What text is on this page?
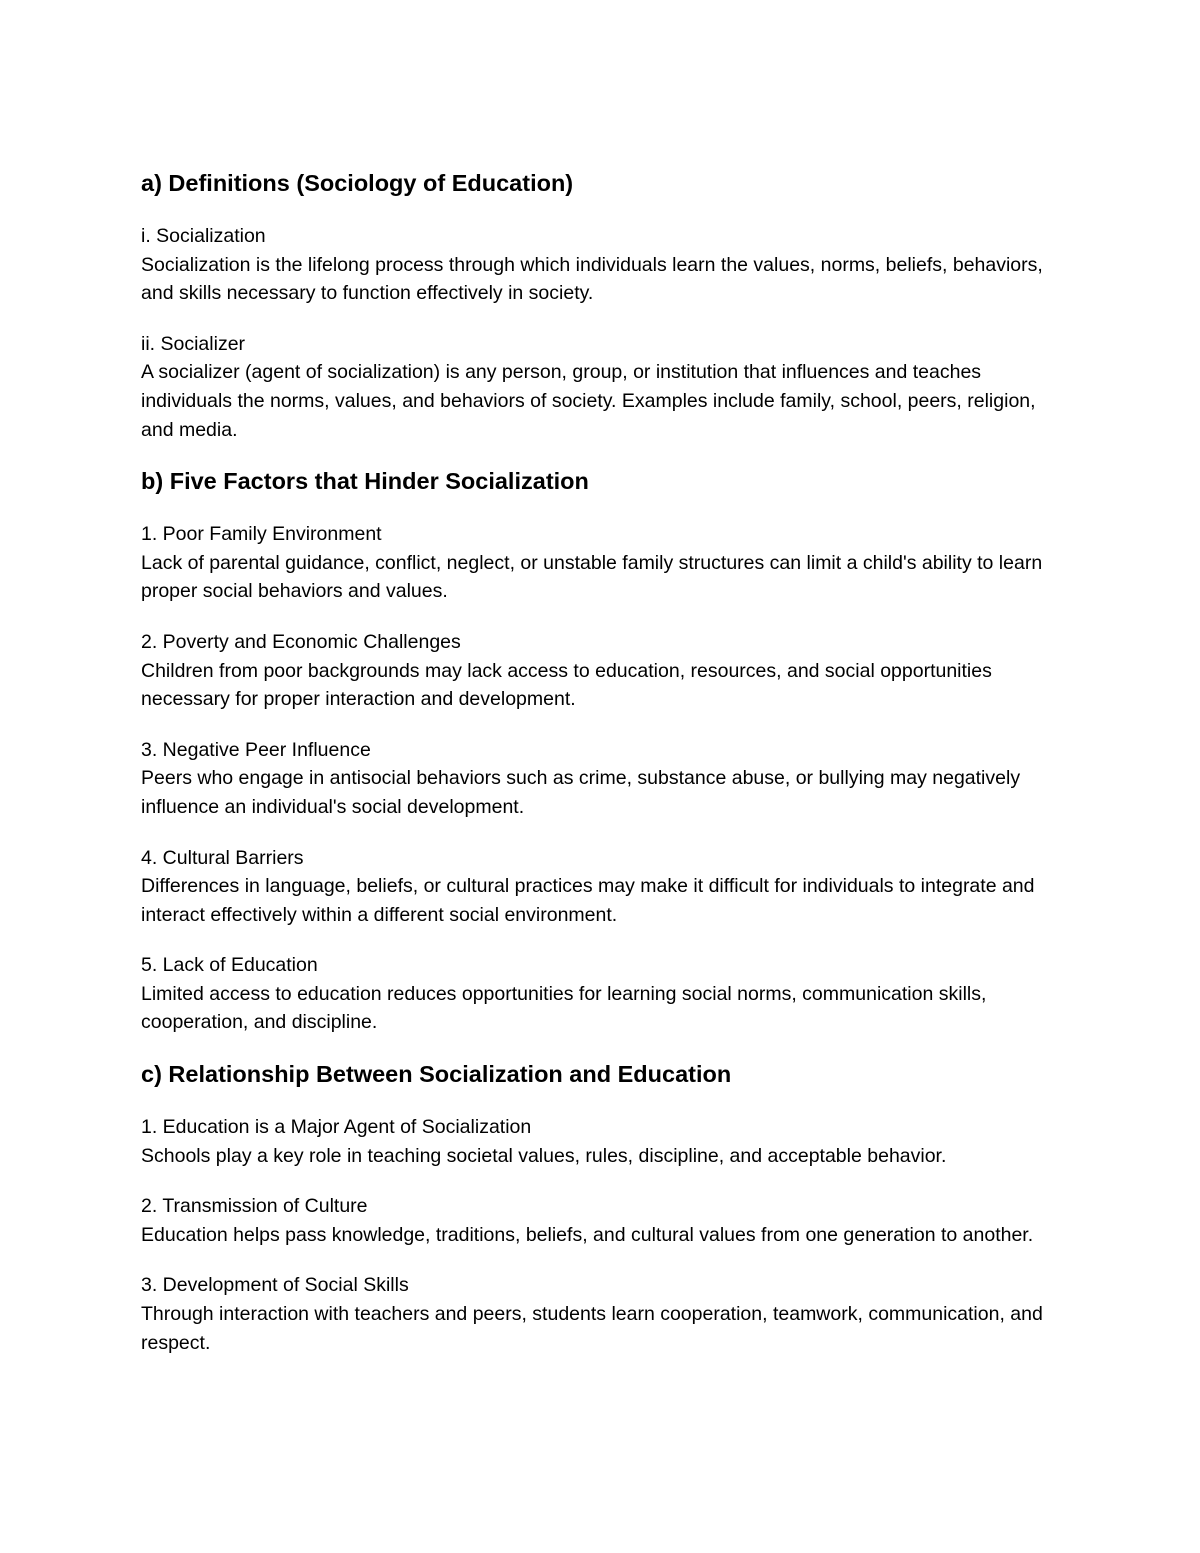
a) Definitions (Sociology of Education)
i. Socialization
Socialization is the lifelong process through which individuals learn the values, norms, beliefs, behaviors, and skills necessary to function effectively in society.
ii. Socializer
A socializer (agent of socialization) is any person, group, or institution that influences and teaches individuals the norms, values, and behaviors of society. Examples include family, school, peers, religion, and media.
b) Five Factors that Hinder Socialization
1. Poor Family Environment
Lack of parental guidance, conflict, neglect, or unstable family structures can limit a child's ability to learn proper social behaviors and values.
2. Poverty and Economic Challenges
Children from poor backgrounds may lack access to education, resources, and social opportunities necessary for proper interaction and development.
3. Negative Peer Influence
Peers who engage in antisocial behaviors such as crime, substance abuse, or bullying may negatively influence an individual's social development.
4. Cultural Barriers
Differences in language, beliefs, or cultural practices may make it difficult for individuals to integrate and interact effectively within a different social environment.
5. Lack of Education
Limited access to education reduces opportunities for learning social norms, communication skills, cooperation, and discipline.
c) Relationship Between Socialization and Education
1. Education is a Major Agent of Socialization
Schools play a key role in teaching societal values, rules, discipline, and acceptable behavior.
2. Transmission of Culture
Education helps pass knowledge, traditions, beliefs, and cultural values from one generation to another.
3. Development of Social Skills
Through interaction with teachers and peers, students learn cooperation, teamwork, communication, and respect.
